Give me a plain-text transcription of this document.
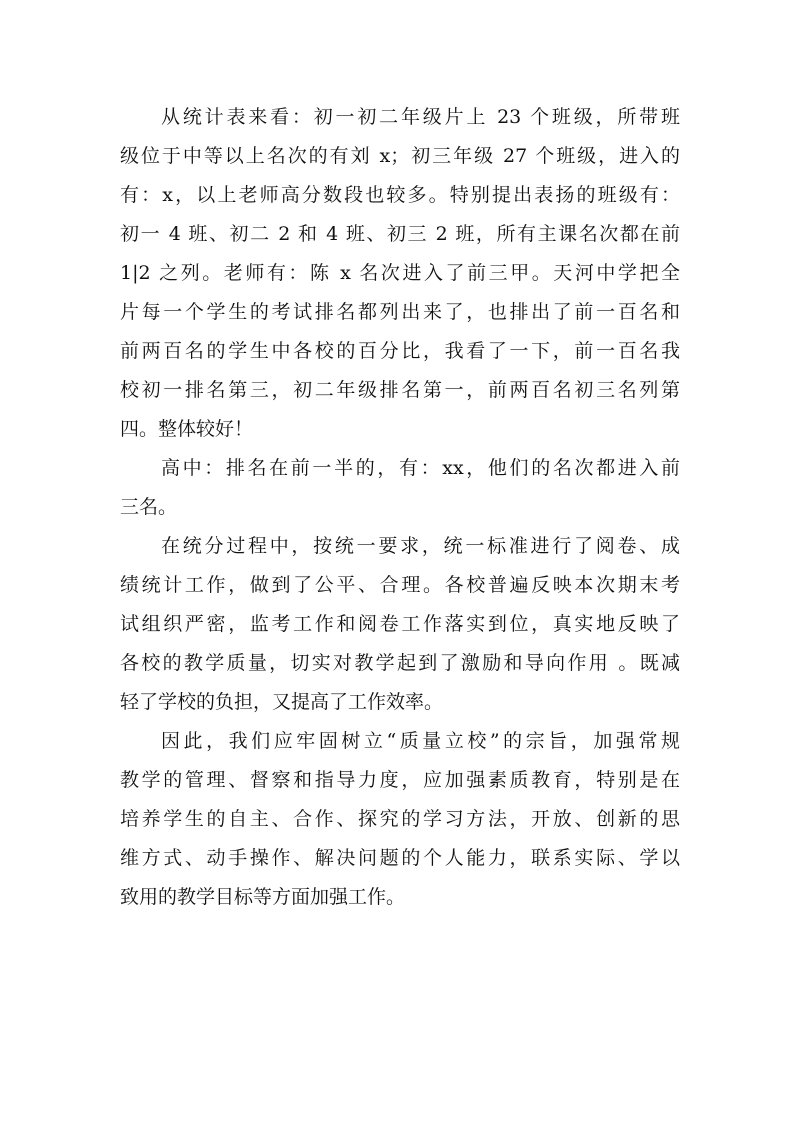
从统计表来看：初一初二年级片上 23 个班级，所带班
级位于中等以上名次的有刘 x；初三年级 27 个班级，进入的
有：x，以上老师高分数段也较多。特别提出表扬的班级有：
初一 4 班、初二 2 和 4 班、初三 2 班，所有主课名次都在前
1|2 之列。老师有：陈 x 名次进入了前三甲。天河中学把全
片每一个学生的考试排名都列出来了，也排出了前一百名和
前两百名的学生中各校的百分比，我看了一下，前一百名我
校初一排名第三，初二年级排名第一，前两百名初三名列第
四。整体较好！
高中：排名在前一半的，有：xx，他们的名次都进入前
三名。
在统分过程中，按统一要求，统一标准进行了阅卷、成
绩统计工作，做到了公平、合理。各校普遍反映本次期末考
试组织严密，监考工作和阅卷工作落实到位，真实地反映了
各校的教学质量，切实对教学起到了激励和导向作用 。既减
轻了学校的负担，又提高了工作效率。
因此，我们应牢固树立“质量立校”的宗旨，加强常规
教学的管理、督察和指导力度，应加强素质教育，特别是在
培养学生的自主、合作、探究的学习方法，开放、创新的思
维方式、动手操作、解决问题的个人能力，联系实际、学以
致用的教学目标等方面加强工作。
